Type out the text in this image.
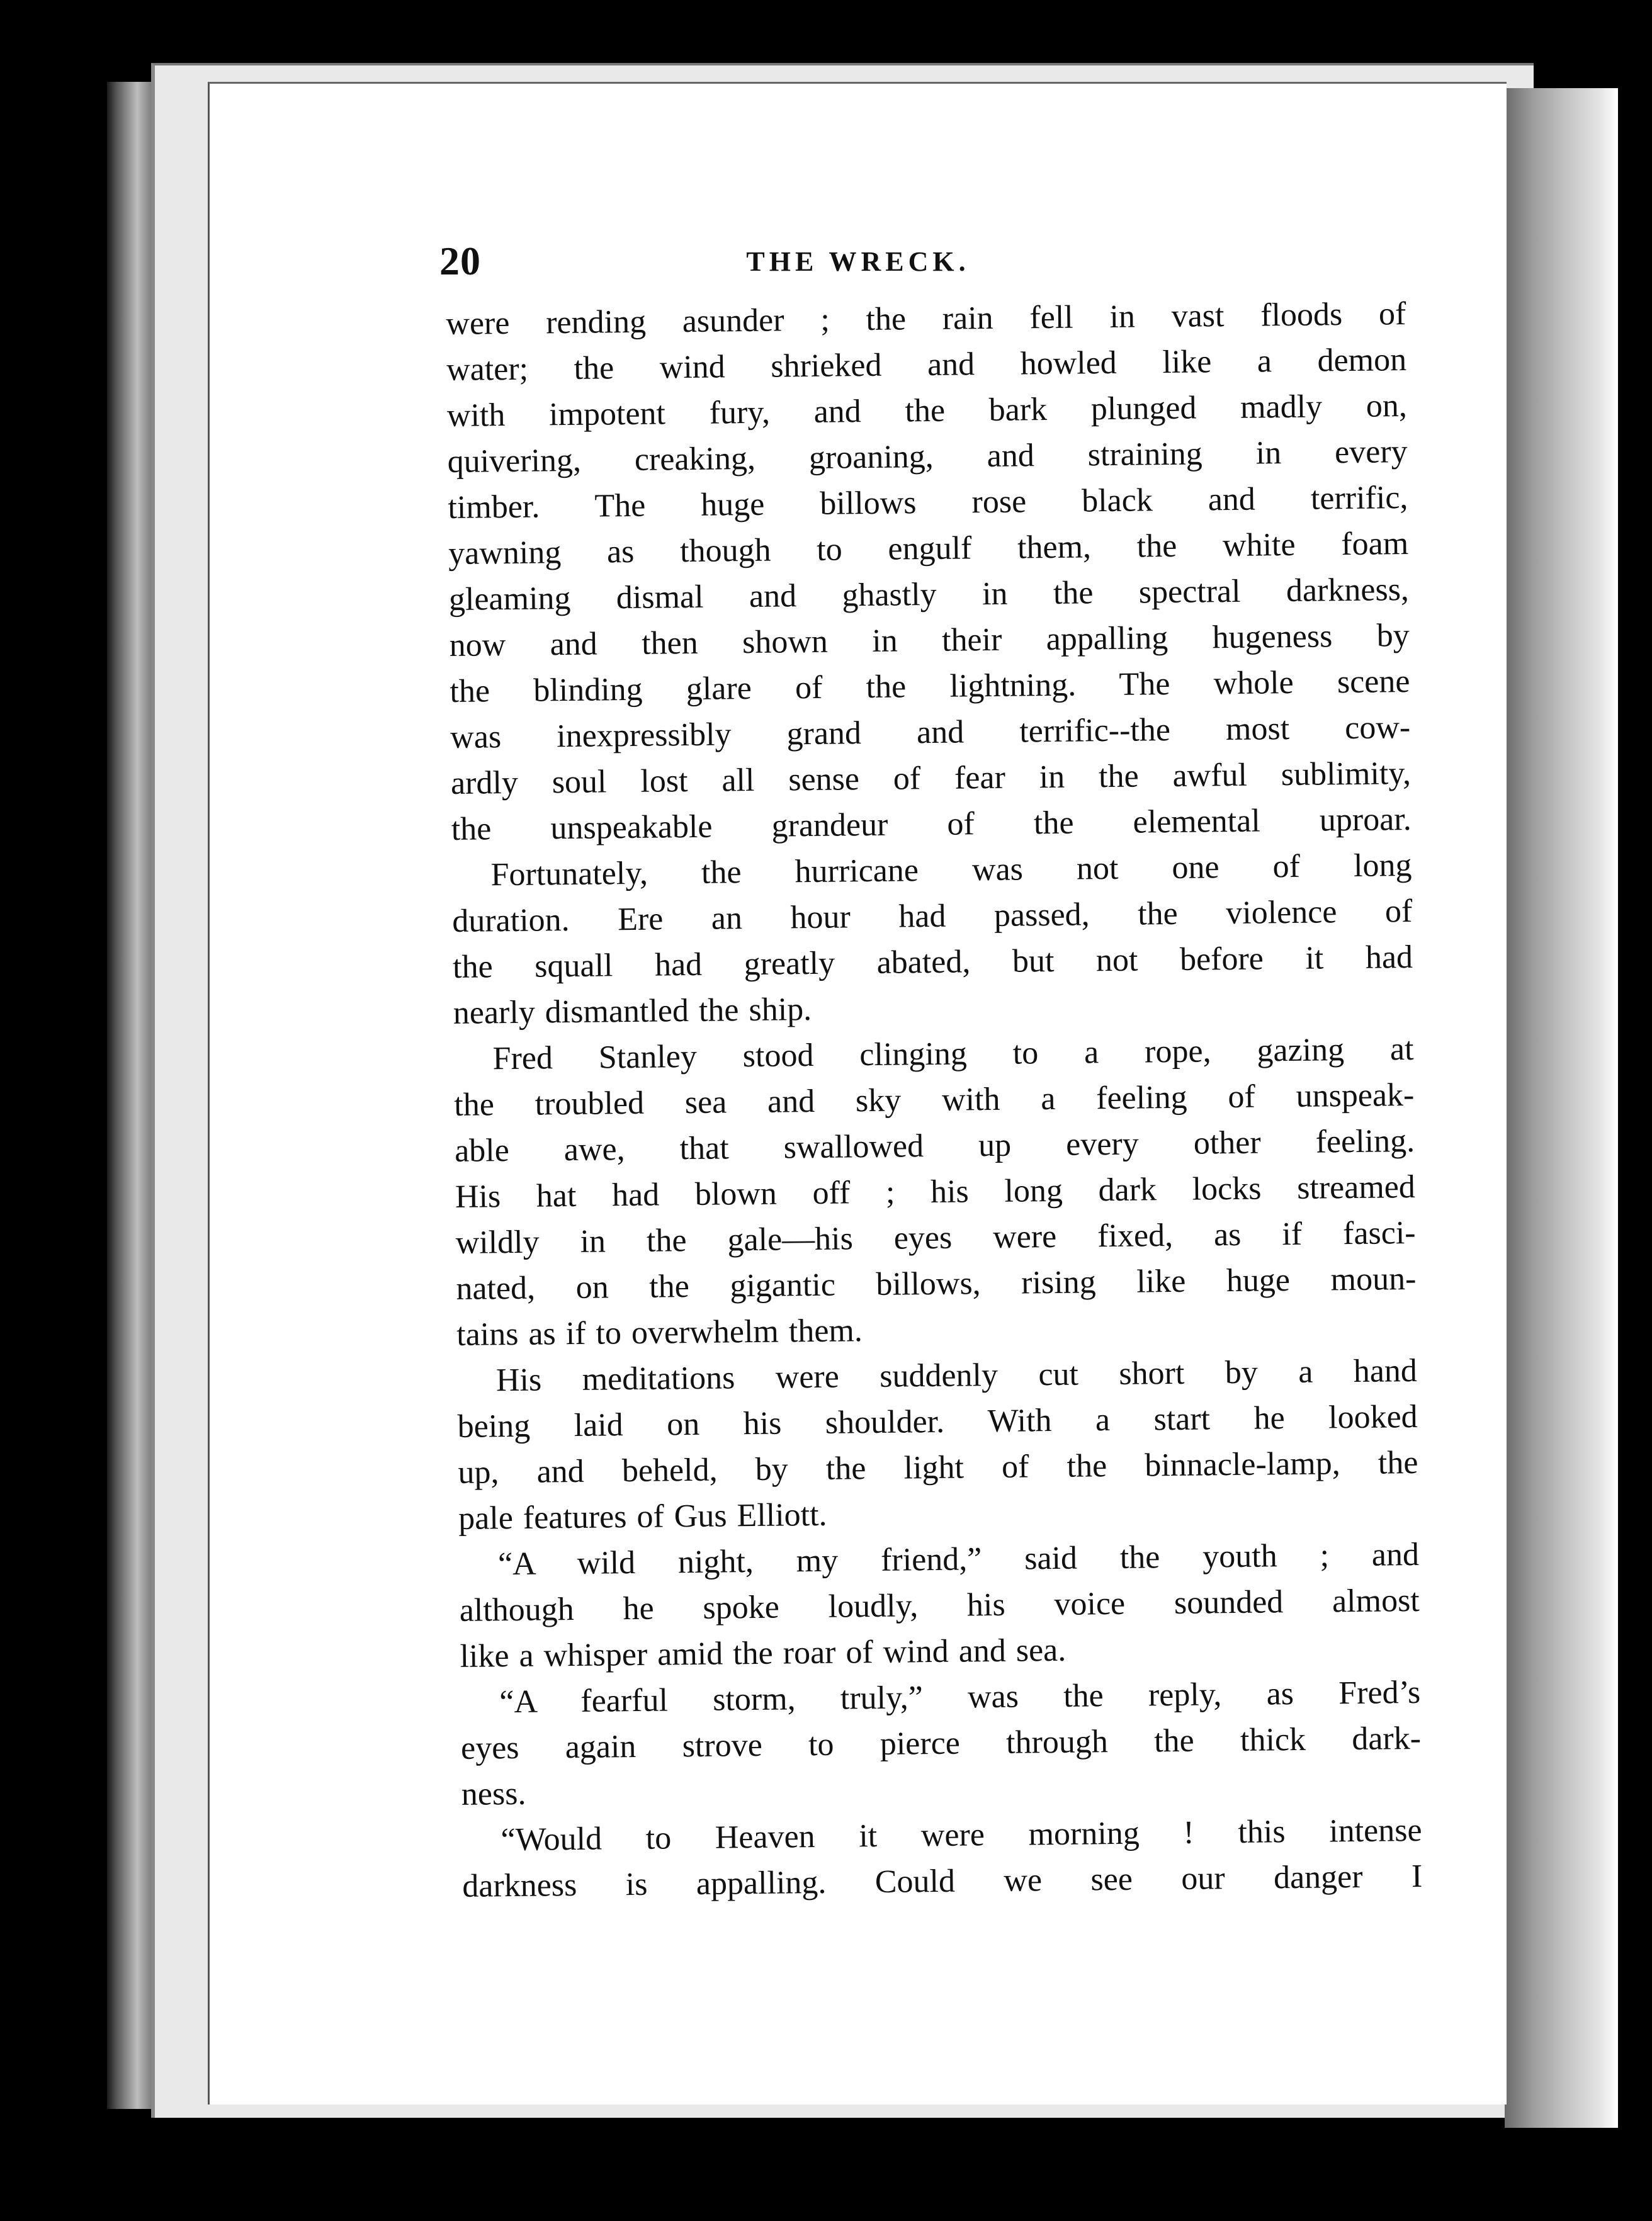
20	THE WRECK.

were rending asunder ; the rain fell in vast floods of

water; the wind shrieked and howled like a demon

with impotent fury, and the bark plunged madly on,

quivering, creaking, groaning, and straining in every

timber. The huge billows rose black and terrific,

yawning as though to engulf them, the white foam

gleaming dismal and ghastly in the spectral darkness,

now and then shown in their appalling hugeness by

the blinding glare of the lightning. The whole scene

was inexpressibly grand and terrific--the most cow-

ardly soul lost all sense of fear in the awful sublimity,

the unspeakable grandeur of the elemental uproar.

Fortunately, the hurricane was not one of long

duration. Ere an hour had passed, the violence of

the squall had greatly abated, but not before it had

nearly dismantled the ship.

Fred Stanley stood clinging to a rope, gazing at

the troubled sea and sky with a feeling of unspeak-

able awe, that swallowed up every other feeling.

His hat had blown off ; his long dark locks streamed

wildly in the gale—his eyes were fixed, as if fasci-

nated, on the gigantic billows, rising like huge moun-

tains as if to overwhelm them.

His meditations were suddenly cut short by a hand

being laid on his shoulder. With a start he looked

up, and beheld, by the light of the binnacle-lamp, the

pale features of Gus Elliott.

“A wild night, my friend,” said the youth ; and

although he spoke loudly, his voice sounded almost

like a whisper amid the roar of wind and sea.

“A fearful storm, truly,” was the reply, as Fred’s

eyes again strove to pierce through the thick dark-

ness.

“Would to Heaven it were morning ! this intense

darkness is appalling. Could we see our danger I
